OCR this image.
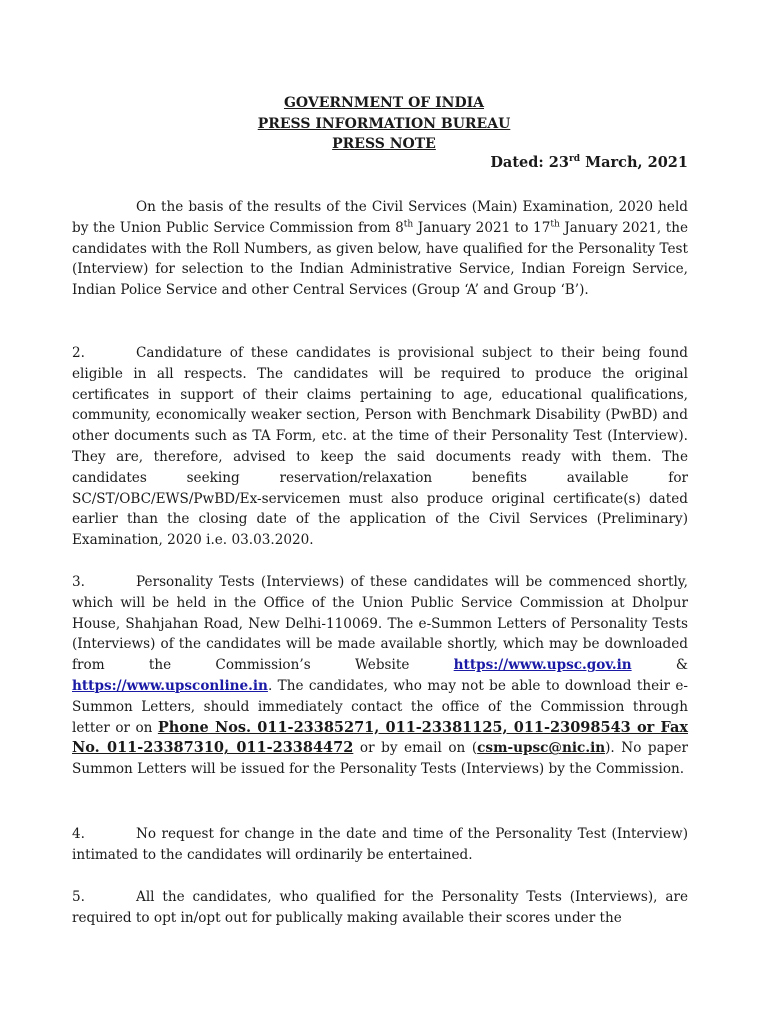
GOVERNMENT OF INDIA
PRESS INFORMATION BUREAU
PRESS NOTE
Dated: 23rd March, 2021
On the basis of the results of the Civil Services (Main) Examination, 2020 held by the Union Public Service Commission from 8th January 2021 to 17th January 2021, the candidates with the Roll Numbers, as given below, have qualified for the Personality Test (Interview) for selection to the Indian Administrative Service, Indian Foreign Service, Indian Police Service and other Central Services (Group ‘A’ and Group ‘B’).
2.	Candidature of these candidates is provisional subject to their being found eligible in all respects. The candidates will be required to produce the original certificates in support of their claims pertaining to age, educational qualifications, community, economically weaker section, Person with Benchmark Disability (PwBD) and other documents such as TA Form, etc. at the time of their Personality Test (Interview). They are, therefore, advised to keep the said documents ready with them. The candidates seeking reservation/relaxation benefits available for SC/ST/OBC/EWS/PwBD/Ex-servicemen must also produce original certificate(s) dated earlier than the closing date of the application of the Civil Services (Preliminary) Examination, 2020 i.e. 03.03.2020.
3.	Personality Tests (Interviews) of these candidates will be commenced shortly, which will be held in the Office of the Union Public Service Commission at Dholpur House, Shahjahan Road, New Delhi-110069. The e-Summon Letters of Personality Tests (Interviews) of the candidates will be made available shortly, which may be downloaded from the Commission’s Website https://www.upsc.gov.in & https://www.upsconline.in. The candidates, who may not be able to download their e-Summon Letters, should immediately contact the office of the Commission through letter or on Phone Nos. 011-23385271, 011-23381125, 011-23098543 or Fax No. 011-23387310, 011-23384472 or by email on (csm-upsc@nic.in). No paper Summon Letters will be issued for the Personality Tests (Interviews) by the Commission.
4.	No request for change in the date and time of the Personality Test (Interview) intimated to the candidates will ordinarily be entertained.
5.	All the candidates, who qualified for the Personality Tests (Interviews), are required to opt in/opt out for publically making available their scores under the
